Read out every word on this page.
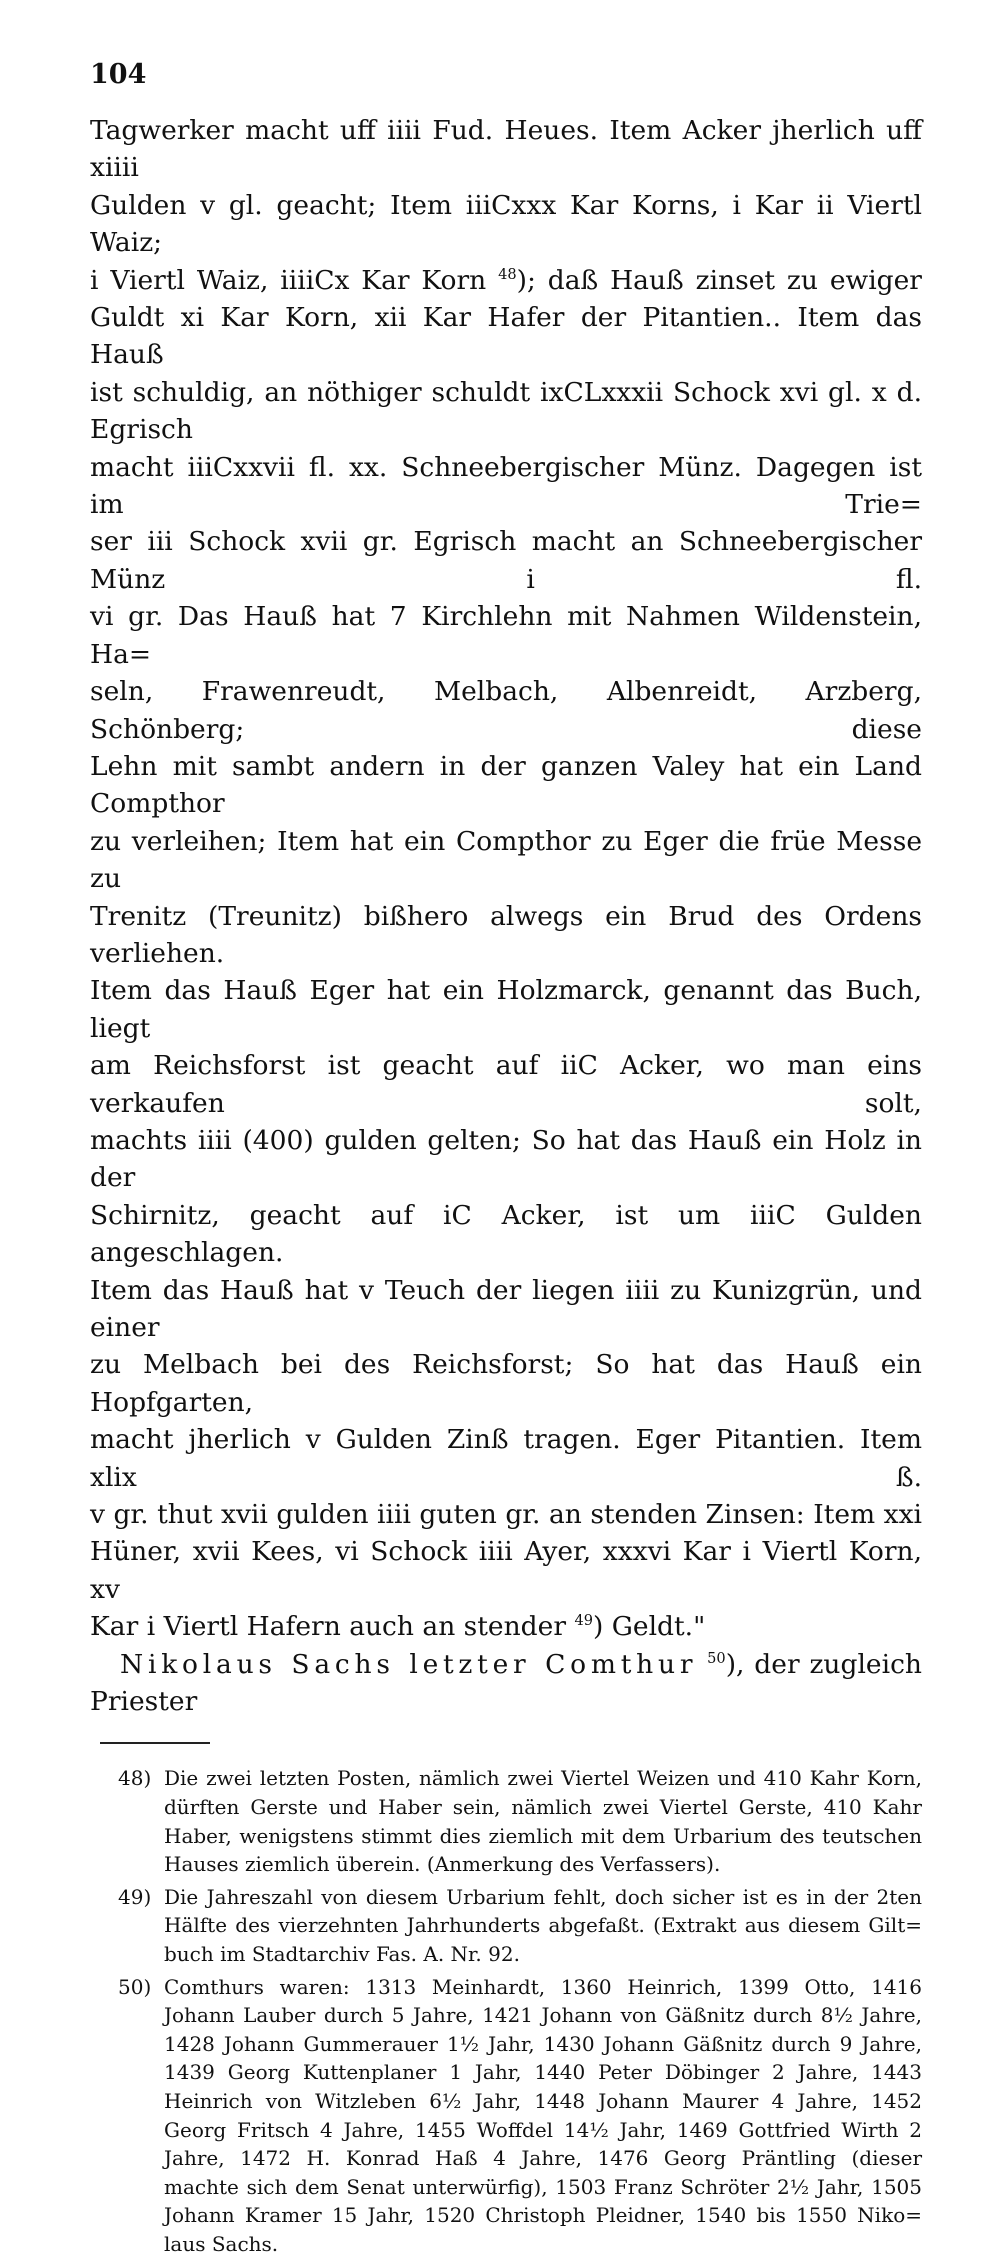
104
Tagwerker macht uff iiii Fud. Heues. Item Acker jherlich uff xiiii
Gulden v gl. geacht; Item iiiCxxx Kar Korns, i Kar ii Viertl Waiz;
i Viertl Waiz, iiiiCx Kar Korn $^{48}$); daß Hauß zinset zu ewiger
Guldt xi Kar Korn, xii Kar Hafer der Pitantien.. Item das Hauß
ist schuldig, an nöthiger schuldt ixCLxxxii Schock xvi gl. x d. Egrisch
macht iiiCxxvii fl. xx. Schneebergischer Münz. Dagegen ist im Trie=
ser iii Schock xvii gr. Egrisch macht an Schneebergischer Münz i fl.
vi gr. Das Hauß hat 7 Kirchlehn mit Nahmen Wildenstein, Ha=
seln, Frawenreudt, Melbach, Albenreidt, Arzberg, Schönberg; diese
Lehn mit sambt andern in der ganzen Valey hat ein Land Compthor
zu verleihen; Item hat ein Compthor zu Eger die früe Messe zu
Trenitz (Treunitz) bißhero alwegs ein Brud des Ordens verliehen.
Item das Hauß Eger hat ein Holzmarck, genannt das Buch, liegt
am Reichsforst ist geacht auf iiC Acker, wo man eins verkaufen solt,
machts iiii (400) gulden gelten; So hat das Hauß ein Holz in der
Schirnitz, geacht auf iC Acker, ist um iiiC Gulden angeschlagen.
Item das Hauß hat v Teuch der liegen iiii zu Kunizgrün, und einer
zu Melbach bei des Reichsforst; So hat das Hauß ein Hopfgarten,
macht jherlich v Gulden Zinß tragen. Eger Pitantien. Item xlix ß.
v gr. thut xvii gulden iiii guten gr. an stenden Zinsen: Item xxi
Hüner, xvii Kees, vi Schock iiii Ayer, xxxvi Kar i Viertl Korn, xv
Kar i Viertl Hafern auch an stender $^{49}$) Geldt."
Nikolaus Sachs letzter Comthur $^{50}$), der zugleich Priester
48) Die zwei letzten Posten, nämlich zwei Viertel Weizen und 410 Kahr Korn,
dürften Gerste und Haber sein, nämlich zwei Viertel Gerste, 410 Kahr
Haber, wenigstens stimmt dies ziemlich mit dem Urbarium des teutschen
Hauses ziemlich überein. (Anmerkung des Verfassers).
49) Die Jahreszahl von diesem Urbarium fehlt, doch sicher ist es in der 2ten
Hälfte des vierzehnten Jahrhunderts abgefaßt. (Extrakt aus diesem Gilt=
buch im Stadtarchiv Fas. A. Nr. 92.
50) Comthurs waren: 1313 Meinhardt, 1360 Heinrich, 1399 Otto, 1416
Johann Lauber durch 5 Jahre, 1421 Johann von Gäßnitz durch 8½ Jahre,
1428 Johann Gummerauer 1½ Jahr, 1430 Johann Gäßnitz durch 9 Jahre,
1439 Georg Kuttenplaner 1 Jahr, 1440 Peter Döbinger 2 Jahre, 1443
Heinrich von Witzleben 6½ Jahr, 1448 Johann Maurer 4 Jahre, 1452
Georg Fritsch 4 Jahre, 1455 Woffdel 14½ Jahr, 1469 Gottfried Wirth 2
Jahre, 1472 H. Konrad Haß 4 Jahre, 1476 Georg Präntling (dieser
machte sich dem Senat unterwürfig), 1503 Franz Schröter 2½ Jahr, 1505
Johann Kramer 15 Jahr, 1520 Christoph Pleidner, 1540 bis 1550 Niko=
laus Sachs.
